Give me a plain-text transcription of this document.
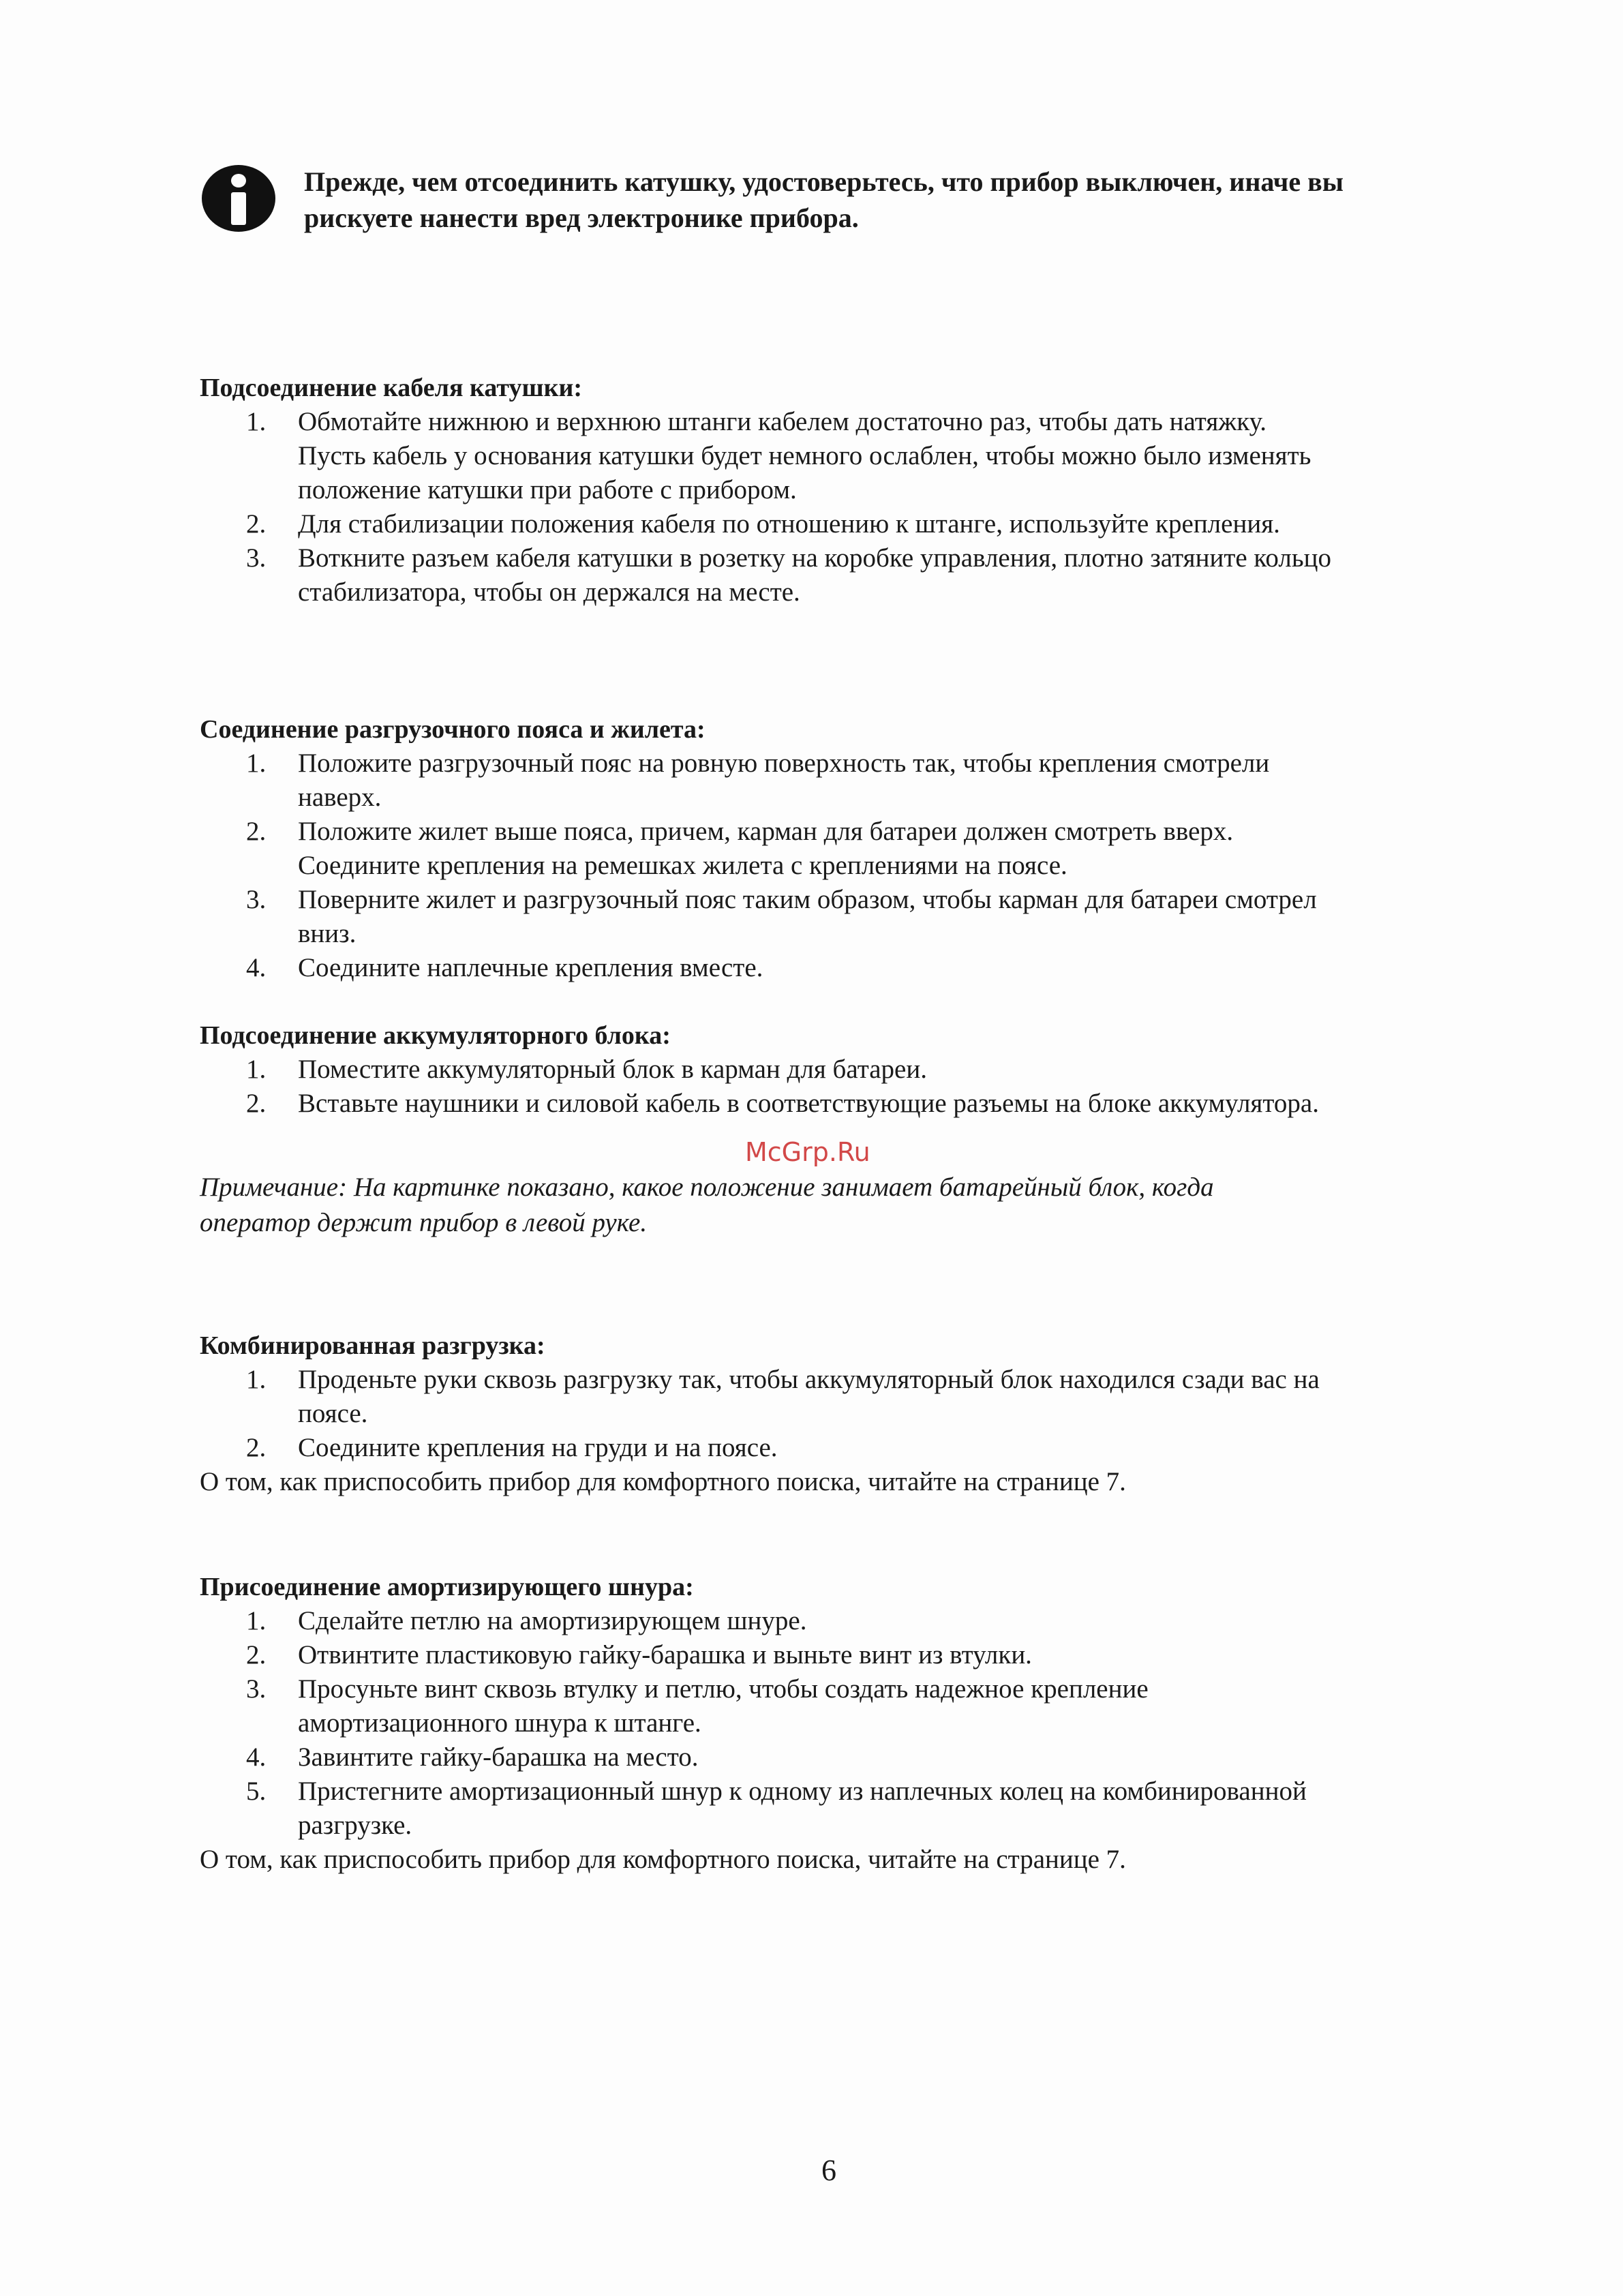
Прежде, чем отсоединить катушку, удостоверьтесь, что прибор выключен, иначе вы
рискуете нанести вред электронике прибора.

Подсоединение кабеля катушки:

1. Обмотайте нижнюю и верхнюю штанги кабелем достаточно раз, чтобы дать натяжку.
Пусть кабель у основания катушки будет немного ослаблен, чтобы можно было изменять
положение катушки при работе с прибором.
2. Для стабилизации положения кабеля по отношению к штанге, используйте крепления.
3. Воткните разъем кабеля катушки в розетку на коробке управления, плотно затяните кольцо
стабилизатора, чтобы он держался на месте.

Соединение разгрузочного пояса и жилета:

1. Положите разгрузочный пояс на ровную поверхность так, чтобы крепления смотрели
наверх.
2. Положите жилет выше пояса, причем, карман для батареи должен смотреть вверх.
Соедините крепления на ремешках жилета с креплениями на поясе.
3. Поверните жилет и разгрузочный пояс таким образом, чтобы карман для батареи смотрел
вниз.
4. Соедините наплечные крепления вместе.

Подсоединение аккумуляторного блока:

1. Поместите аккумуляторный блок в карман для батареи.
2. Вставьте наушники и силовой кабель в соответствующие разъемы на блоке аккумулятора.

Примечание: На картинке показано, какое положение занимает батарейный блок, когда

оператор держит прибор в левой руке.

Комбинированная разгрузка:

1. Проденьте руки сквозь разгрузку так, чтобы аккумуляторный блок находился сзади вас на
поясе.
2. Соедините крепления на груди и на поясе.

О том, как приспособить прибор для комфортного поиска, читайте на странице 7.

Присоединение амортизирующего шнура:

1. Сделайте петлю на амортизирующем шнуре.
2. Отвинтите пластиковую гайку-барашка и выньте винт из втулки.
3. Просуньте винт сквозь втулку и петлю, чтобы создать надежное крепление
амортизационного шнура к штанге.
4. Завинтите гайку-барашка на место.
5. Пристегните амортизационный шнур к одному из наплечных колец на комбинированной
разгрузке.

О том, как приспособить прибор для комфортного поиска, читайте на странице 7.

McGrp.Ru
6
